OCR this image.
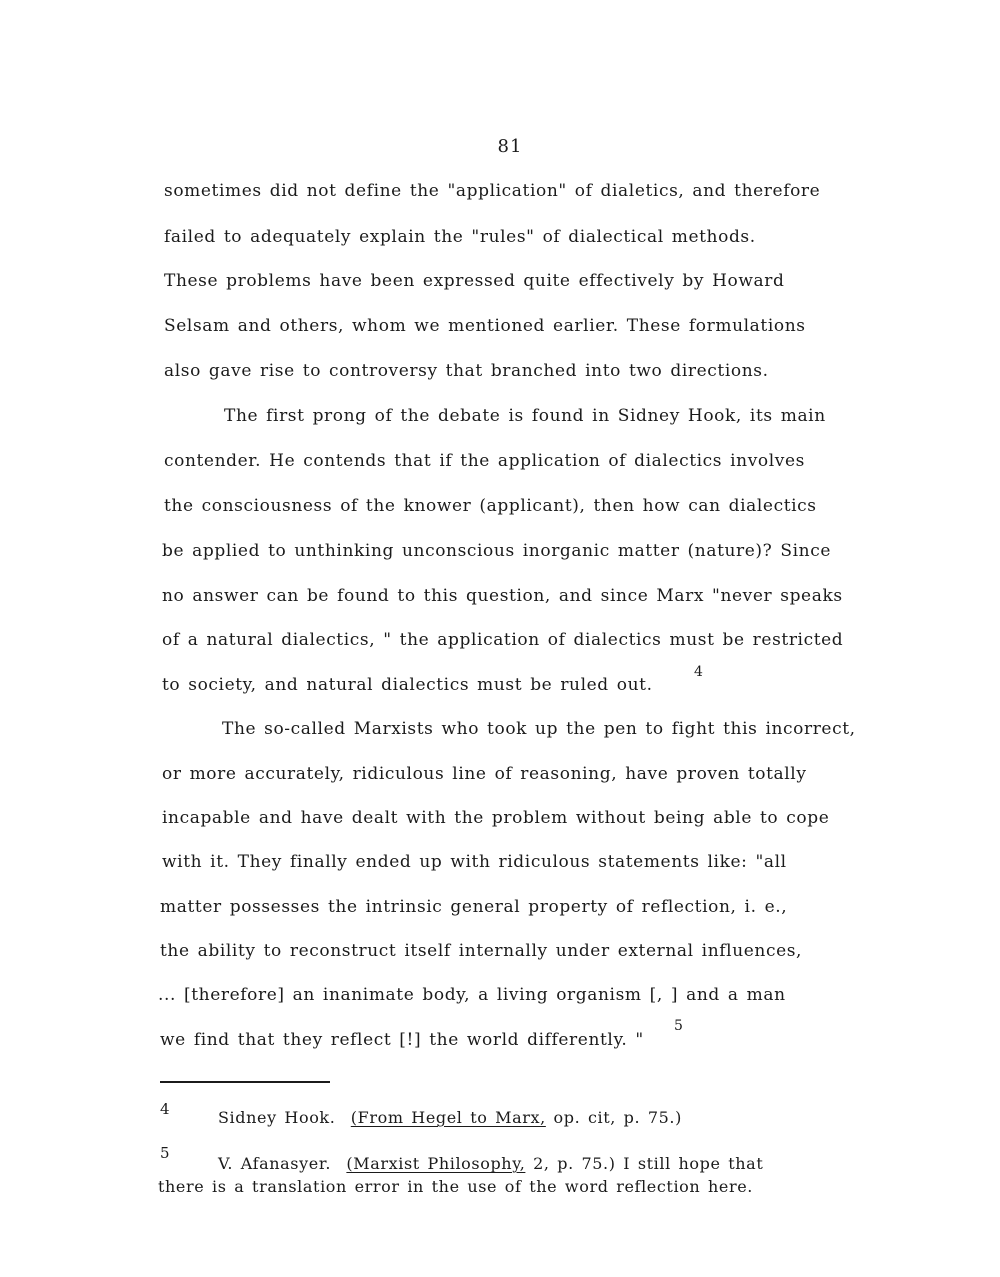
81
sometimes did not define the "application" of dialetics, and therefore
failed to adequately explain the "rules" of dialectical methods.
These problems have been expressed quite effectively by Howard
Selsam and others, whom we mentioned earlier. These formulations
also gave rise to controversy that branched into two directions.
The first prong of the debate is found in Sidney Hook, its main
contender. He contends that if the application of dialectics involves
the consciousness of the knower (applicant), then how can dialectics
be applied to unthinking unconscious inorganic matter (nature)? Since
no answer can be found to this question, and since Marx "never speaks
of a natural dialectics, " the application of dialectics must be restricted
to society, and natural dialectics must be ruled out.
4
The so-called Marxists who took up the pen to fight this incorrect,
or more accurately, ridiculous line of reasoning, have proven totally
incapable and have dealt with the problem without being able to cope
with it. They finally ended up with ridiculous statements like: "all
matter possesses the intrinsic general property of reflection, i. e.,
the ability to reconstruct itself internally under external influences,
... [therefore] an inanimate body, a living organism [, ] and a man
we find that they reflect [!] the world differently. "
5
4	Sidney Hook. (From Hegel to Marx, op. cit, p. 75.)
5
V. Afanasyer. (Marxist Philosophy, 2, p. 75.) I still hope that
there is a translation error in the use of the word reflection here.
